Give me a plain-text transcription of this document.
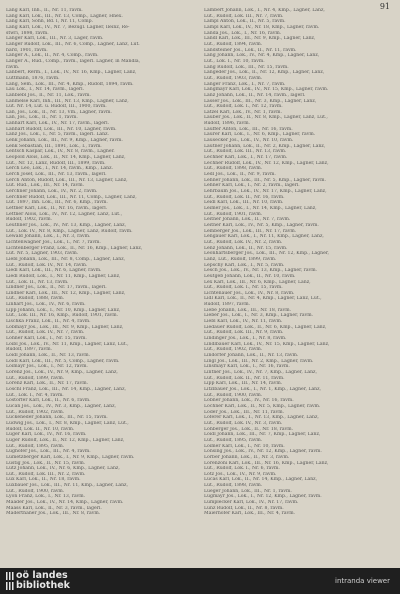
91
Lang Karl, Inh., II., Nr. 11, ravm.
Lang Karl, Lok., III., Nr. 13, Comp., Lagner, Hnex.
Lang Karl, Sohn, Bd. I, Nr. 11, Comp.
Lang Karl, Lok., IV., Nr. 7, Bezugl. Lagner, Ileinz, Re-
stwri, 1898, ravm.
Langer Karl, Lok., III., Nr. 3, Lager, ravm.
Langer Rudolf, Lok., III., Nr. 6, Comp., Lagner, Lanz, Lut.
hard, 1901, ravm.
Langer A., Lok., II., Nr. 4, Comp., ravm.
Langer A., Rud., Comp., ravm., lagerl. Lagner, in Mandla,
ravm.
Lanbert, Rerm., I., Lok., IV., Nr. 16, Kmp., Lagner, Lanz,
Luttmann, 1876, ravm.
Lang, Sem., Lok., III., Nr. 4, Kmp., Rudolf, 1894, ravm.
Lau Lok., I., Nr. 14, ravm., lagerl.
Lanbiebl Jos., II., Nr. 11, Lok., ravm.
Lanmelse Karl, Inh., III., Nr. 13, Kmp., Lagner, Lanz,
Lut. Nr. 14, Lut. u. Rudolf, III., 1900, ravm.
Lan, Jos., Lok., II., Nr. 13, Vm., Lagner, ravm.
Lan, Jos., Lok., II., Nr. 1, ravm.
Lanhart Karl, Lok., IV., Nr. 17, ravm., lagerl.
Lanhart Rudolf, Lok., III., Nr. 10, Lagner, ravm.
Lanz Jos., Lok., I., Nr. 5, ravm., lagerl. Lanz.
Lenk Johann, Lok., III., Nr. 9, Kmp., Lagner, ravm.
Lenk Sebastian, III., 1891, Lok., I., ravm.
Lentsch Kaspar, Lok., IV., Nr. 8, ravm., Lagner.
Leopold Alois, Lok., II., Nr. 14, Kmp., Lagner, Lanz,
Lut., Nr. 12, Lanz, Rudolf, III., 1899, ravm.
Lerch Leo, Lok., I., Nr. 14, ravm., Kmp., Lanz.
Lerch Josef, Lok., III., Nr. 13, ravm., lagerl.
Lerch Anton, Rudolf, Lok., III., Nr. 13, Lagner, Lanz,
Lut. Rud., Lok., III., Nr. 14, ravm.
Lerchner Johann, Lok., IV., Nr. 2, ravm.
Lerchner Rudolf, Lok., III., Nr. 11, Comp., Lagner, Lanz,
Lut. 1897, Inh. Lok., III., Nr. 6, Kmp., ravm.
Lettner Karl, Lok., II., Nr. 16, ravm., lagerl.
Lettner Alois, Lok., IV., Nr. 12, Lagner, Lanz, Lut.,
Rudolf, 1902, ravm.
Leuthner Jos., Lok., IV., Nr. 13, Kmp., Lagner, Lanz,
Lut., Lok. IV., Nr. 8, Kmp., Lagner, Lanz, Rudolf, ravm.
Lewald Johann, Lok., I., Nr. 3, ravm.
Lichtenwagner Jos., Lok., I., Nr. 7, ravm.
Lichtenberger Franz, Lok., II., Nr. 16, Kmp., Lagner, Lanz,
Lut. Nr. 5, Lagner, 1903, ravm.
Liebl Johann, Lok., III., Nr. 8, Comp., Lagner, Lanz,
Lut., Rudolf, Lok. IV., Nr. 14, ravm.
Liedl Karl, Lok., III., Nr. 6, Lagner, ravm.
Liedl Rudolf, Lok., I., Nr. 11, Kmp., Lagner, Lanz,
Lut., Lok. II., Nr. 13, ravm.
Lindner Jos., Lok., II., Nr. 17, ravm., lagerl.
Lindner Karl, Lok., III., Nr. 12, Kmp., Lagner, Lanz,
Lut., Rudolf, 1888, ravm.
Linhart Jos., Lok., IV., Nr. 6, ravm.
Lipp Johann, Lok., I., Nr. 10, Kmp., Lagner, Lanz,
Lut., Lok. III., Nr. 16, Kmp., Rudolf, 1901, ravm.
Lischka Franz, Lok., II., Nr. 4, ravm.
Lobmayr Jos., Lok., III., Nr. 9, Kmp., Lagner, Lanz,
Lut., Rudolf, Lok. IV., Nr. 7, ravm.
Lohner Karl, Lok., I., Nr. 15, ravm.
Loibl Jos., Lok., IV., Nr. 11, Kmp., Lagner, Lanz, Lut.,
Rudolf, 1897, ravm.
Loidl Johann, Lok., II., Nr. 13, ravm.
Loidl Karl, Lok., III., Nr. 5, Comp., Lagner, ravm.
Loimayr Jos., Lok., I., Nr. 12, ravm.
Lorenz Jos., Lok., IV., Nr. 9, Kmp., Lagner, Lanz,
Lut., Rudolf, 1899, ravm.
Lorenz Karl, Lok., II., Nr. 17, ravm.
Loschl Franz, Lok., III., Nr. 14, Kmp., Lagner, Lanz,
Lut., Lok. I., Nr. 4, ravm.
Lostorfer Karl, Lok., II., Nr. 6, ravm.
Lucan Jos., Lok., IV., Nr. 3, Kmp., Lagner, Lanz,
Lut., Rudolf, 1902, ravm.
Luckeneder Johann, Lok., III., Nr. 15, ravm.
Ludwig Jos., Lok., I., Nr. 8, Kmp., Lagner, Lanz, Lut.,
Rudolf, Lok. II., Nr. 10, ravm.
Luger Karl, Lok., IV., Nr. 16, ravm.
Luger Rudolf, Lok., II., Nr. 12, Kmp., Lagner, Lanz,
Lut., Rudolf, 1895, ravm.
Lughofer Jos., Lok., III., Nr. 4, ravm.
Lumetzberger Karl, Lok., I., Nr. 9, Kmp., Lagner, ravm.
Lustig Jos., Lok., II., Nr. 15, ravm.
Lutz Johann, Lok., IV., Nr. 6, Kmp., Lagner, Lanz,
Lut., Rudolf, Lok. III., Nr. 2, ravm.
Lux Karl, Lok., II., Nr. 18, ravm.
Luxbauer Jos., Lok., III., Nr. 11, Kmp., Lagner, Lanz,
Lut., Rudolf, 1900, ravm.
Lyon Franz, Lok., I., Nr. 13, ravm.
Maader Jos., Lok., IV., Nr. 14, Kmp., Lagner, ravm.
Maass Karl, Lok., II., Nr. 3, ravm., lagerl.
Maderthaner Jos., Lok., III., Nr. 8, ravm.
Lambert Johann, Lok., I., Nr. 4, Kmp., Lagner, Lanz,
Lut., Rudolf, Lok. III., Nr. 7, ravm.
Lampl Anton, Lok., II., Nr. 5, ravm.
Lampl Karl, Lok., IV., Nr. 18, Kmp., Lagner, ravm.
Landa Jos., Lok., I., Nr. 16, ravm.
Landl Karl, Lok., III., Nr. 9, Kmp., Lagner, Lanz,
Lut., Rudolf, 1894, ravm.
Landsteiner Jos., Lok., II., Nr. 11, ravm.
Lang Johann, Lok., IV., Nr. 4, Kmp., Lagner, Lanz,
Lut., Lok. I., Nr. 10, ravm.
Lang Rudolf, Lok., III., Nr. 15, ravm.
Langeder Jos., Lok., II., Nr. 12, Kmp., Lagner, Lanz,
Lut., Rudolf, 1903, ravm.
Langer Franz, Lok., I., Nr. 7, ravm.
Langmayr Karl, Lok., IV., Nr. 15, Kmp., Lagner, ravm.
Lanz Johann, Lok., II., Nr. 14, ravm., lagerl.
Lasser Jos., Lok., III., Nr. 3, Kmp., Lagner, Lanz,
Lut., Rudolf, Lok. I., Nr. 12, ravm.
Latzel Karl, Lok., IV., Nr. 1, ravm.
Lauber Jos., Lok., II., Nr. 8, Kmp., Lagner, Lanz, Lut.,
Rudolf, 1896, ravm.
Lauffer Anton, Lok., III., Nr. 16, ravm.
Laurer Karl, Lok., I., Nr. 6, Kmp., Lagner, ravm.
Lausecker Jos., Lok., IV., Nr. 10, ravm.
Lautner Johann, Lok., II., Nr. 2, Kmp., Lagner, Lanz,
Lut., Rudolf, Lok. III., Nr. 13, ravm.
Lechner Karl, Lok., I., Nr. 17, ravm.
Lechner Rudolf, Lok., IV., Nr. 12, Kmp., Lagner, Lanz,
Lut., Rudolf, 1898, ravm.
Ledl Jos., Lok., II., Nr. 9, ravm.
Lehner Johann, Lok., III., Nr. 5, Kmp., Lagner, ravm.
Lehner Karl, Lok., I., Nr. 2, ravm., lagerl.
Lehrbaum Jos., Lok., IV., Nr. 17, Kmp., Lagner, Lanz,
Lut., Rudolf, Lok. II., Nr. 16, ravm.
Leidl Karl, Lok., III., Nr. 10, ravm.
Leimer Jos., Lok., I., Nr. 14, Kmp., Lagner, Lanz,
Lut., Rudolf, 1901, ravm.
Leitner Johann, Lok., II., Nr. 7, ravm.
Leitner Karl, Lok., IV., Nr. 5, Kmp., Lagner, ravm.
Lemberger Jos., Lok., III., Nr. 17, ravm.
Lengauer Karl, Lok., I., Nr. 11, Kmp., Lagner, Lanz,
Lut., Rudolf, Lok. IV., Nr. 2, ravm.
Lenz Johann, Lok., II., Nr. 15, ravm.
Leonhartsberger Jos., Lok., III., Nr. 12, Kmp., Lagner,
Lanz, Lut., Rudolf, 1899, ravm.
Lepschy Karl, Lok., I., Nr. 5, ravm.
Lesch Jos., Lok., IV., Nr. 13, Kmp., Lagner, ravm.
Leutgeb Johann, Lok., II., Nr. 10, ravm.
Lex Karl, Lok., III., Nr. 6, Kmp., Lagner, Lanz,
Lut., Rudolf, Lok. I., Nr. 15, ravm.
Lichtenauer Jos., Lok., IV., Nr. 8, ravm.
Lidl Karl, Lok., II., Nr. 4, Kmp., Lagner, Lanz, Lut.,
Rudolf, 1897, ravm.
Liebe Johann, Lok., III., Nr. 18, ravm.
Lieber Jos., Lok., I., Nr. 3, Kmp., Lagner, ravm.
Liebl Karl, Lok., IV., Nr. 11, ravm.
Liedauer Rudolf, Lok., II., Nr. 6, Kmp., Lagner, Lanz,
Lut., Rudolf, Lok. III., Nr. 9, ravm.
Lindinger Jos., Lok., I., Nr. 8, ravm.
Lindlbauer Karl, Lok., IV., Nr. 15, Kmp., Lagner, Lanz,
Lut., Rudolf, 1902, ravm.
Lindorfer Johann, Lok., II., Nr. 13, ravm.
Lingl Jos., Lok., III., Nr. 2, Kmp., Lagner, ravm.
Linsmayr Karl, Lok., I., Nr. 16, ravm.
Lintner Jos., Lok., IV., Nr. 7, Kmp., Lagner, Lanz,
Lut., Rudolf, Lok. II., Nr. 11, ravm.
Lipp Karl, Lok., III., Nr. 14, ravm.
Litzlbauer Jos., Lok., I., Nr. 1, Kmp., Lagner, Lanz,
Lut., Rudolf, 1900, ravm.
Lobner Johann, Lok., IV., Nr. 16, ravm.
Lochner Karl, Lok., II., Nr. 5, Kmp., Lagner, ravm.
Loder Jos., Lok., III., Nr. 11, ravm.
Loferer Karl, Lok., I., Nr. 13, Kmp., Lagner, Lanz,
Lut., Rudolf, Lok. IV., Nr. 3, ravm.
Lohberger Jos., Lok., II., Nr. 18, ravm.
Loidl Johann, Lok., III., Nr. 7, Kmp., Lagner, Lanz,
Lut., Rudolf, 1895, ravm.
Loimer Karl, Lok., I., Nr. 10, ravm.
Lonsing Jos., Lok., IV., Nr. 12, Kmp., Lagner, ravm.
Lorber Johann, Lok., II., Nr. 3, ravm.
Lorenzoni Karl, Lok., III., Nr. 16, Kmp., Lagner, Lanz,
Lut., Rudolf, Lok. I., Nr. 6, ravm.
Lotz Jos., Lok., IV., Nr. 9, ravm.
Lucas Karl, Lok., II., Nr. 14, Kmp., Lagner, Lanz,
Lut., Rudolf, 1898, ravm.
Lueger Johann, Lok., III., Nr. 1, ravm.
Lugmayr Jos., Lok., I., Nr. 12, Kmp., Lagner, ravm.
Lumplecker Karl, Lok., IV., Nr. 17, ravm.
Lunz Rudolf, Lok., II., Nr. 8, ravm.
Maierhofer Karl, Lok., III., Nr. 4, ravm.
oö landes
bibliothek	intranda viewer
